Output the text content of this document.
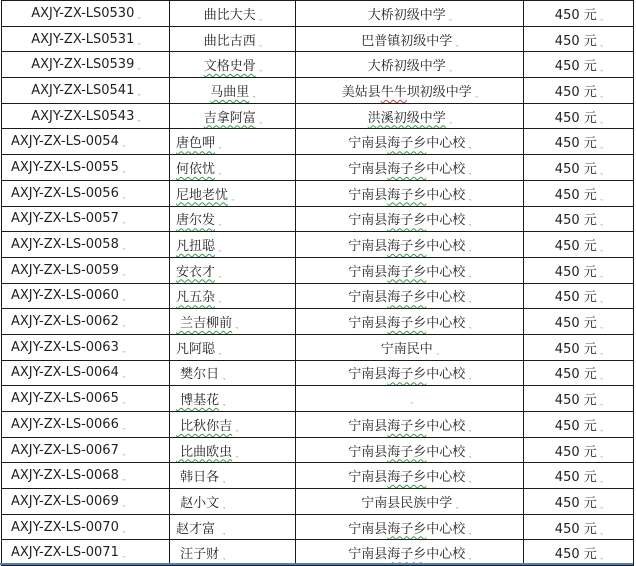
AXJY-ZX-LS0530 .,	曲比大夫 .,	大桥初级中学 .,	450 元 .,
AXJY-ZX-LS0531 .,	曲比古西 .,	巴普镇初级中学 .,	450 元 .,
AXJY-ZX-LS0539 .,	文格史骨 .,	大桥初级中学 .,	450 元 .,
AXJY-ZX-LS0541 .,	马曲里 .,	美姑县牛牛坝初级中学 .,	450 元 .,
AXJY-ZX-LS0543 .,	吉拿阿富 .,	洪溪初级中学 .,	450 元 .,
AXJY-ZX-LS-0054 .,	唐色呷 .,	宁南县海子乡中心校 .,	450 元 .,
AXJY-ZX-LS-0055 .,	何依忧 .,	宁南县海子乡中心校 .,	450 元 .,
AXJY-ZX-LS-0056 .,	尼地老忧 .,	宁南县海子乡中心校 .,	450 元 .,
AXJY-ZX-LS-0057 .,	唐尔发 .,	宁南县海子乡中心校 .,	450 元 .,
AXJY-ZX-LS-0058 .,	凡扭聪 .,	宁南县海子乡中心校 .,	450 元 .,
AXJY-ZX-LS-0059 .,	安衣才 .,	宁南县海子乡中心校 .,	450 元 .,
AXJY-ZX-LS-0060 .,	凡五杂 .,	宁南县海子乡中心校 .,	450 元 .,
AXJY-ZX-LS-0062 .,	兰吉柳前 .,	宁南县海子乡中心校 .,	450 元 .,
AXJY-ZX-LS-0063 .,	凡阿聪 .,	宁南民中 .,	450 元 .,
AXJY-ZX-LS-0064 .,	樊尔日 .,	宁南县海子乡中心校 .,	450 元 .,
AXJY-ZX-LS-0065 .,	博基花 .,	.,	450 元 .,
AXJY-ZX-LS-0066 .,	比秋你吉 .,	宁南县海子乡中心校 .,	450 元 .,
AXJY-ZX-LS-0067 .,	比曲欧虫 .,	宁南县海子乡中心校 .,	450 元 .,
AXJY-ZX-LS-0068 .,	韩日各 .,	宁南县海子乡中心校 .,	450 元 .,
AXJY-ZX-LS-0069 .,	赵小文 .,	宁南县民族中学 .,	450 元 .,
AXJY-ZX-LS-0070 .,	赵才富 .,	宁南县海子乡中心校 .,	450 元 .,
AXJY-ZX-LS-0071 .,	汪子财 .,	宁南县海子乡中心校 .,	450 元 .,
